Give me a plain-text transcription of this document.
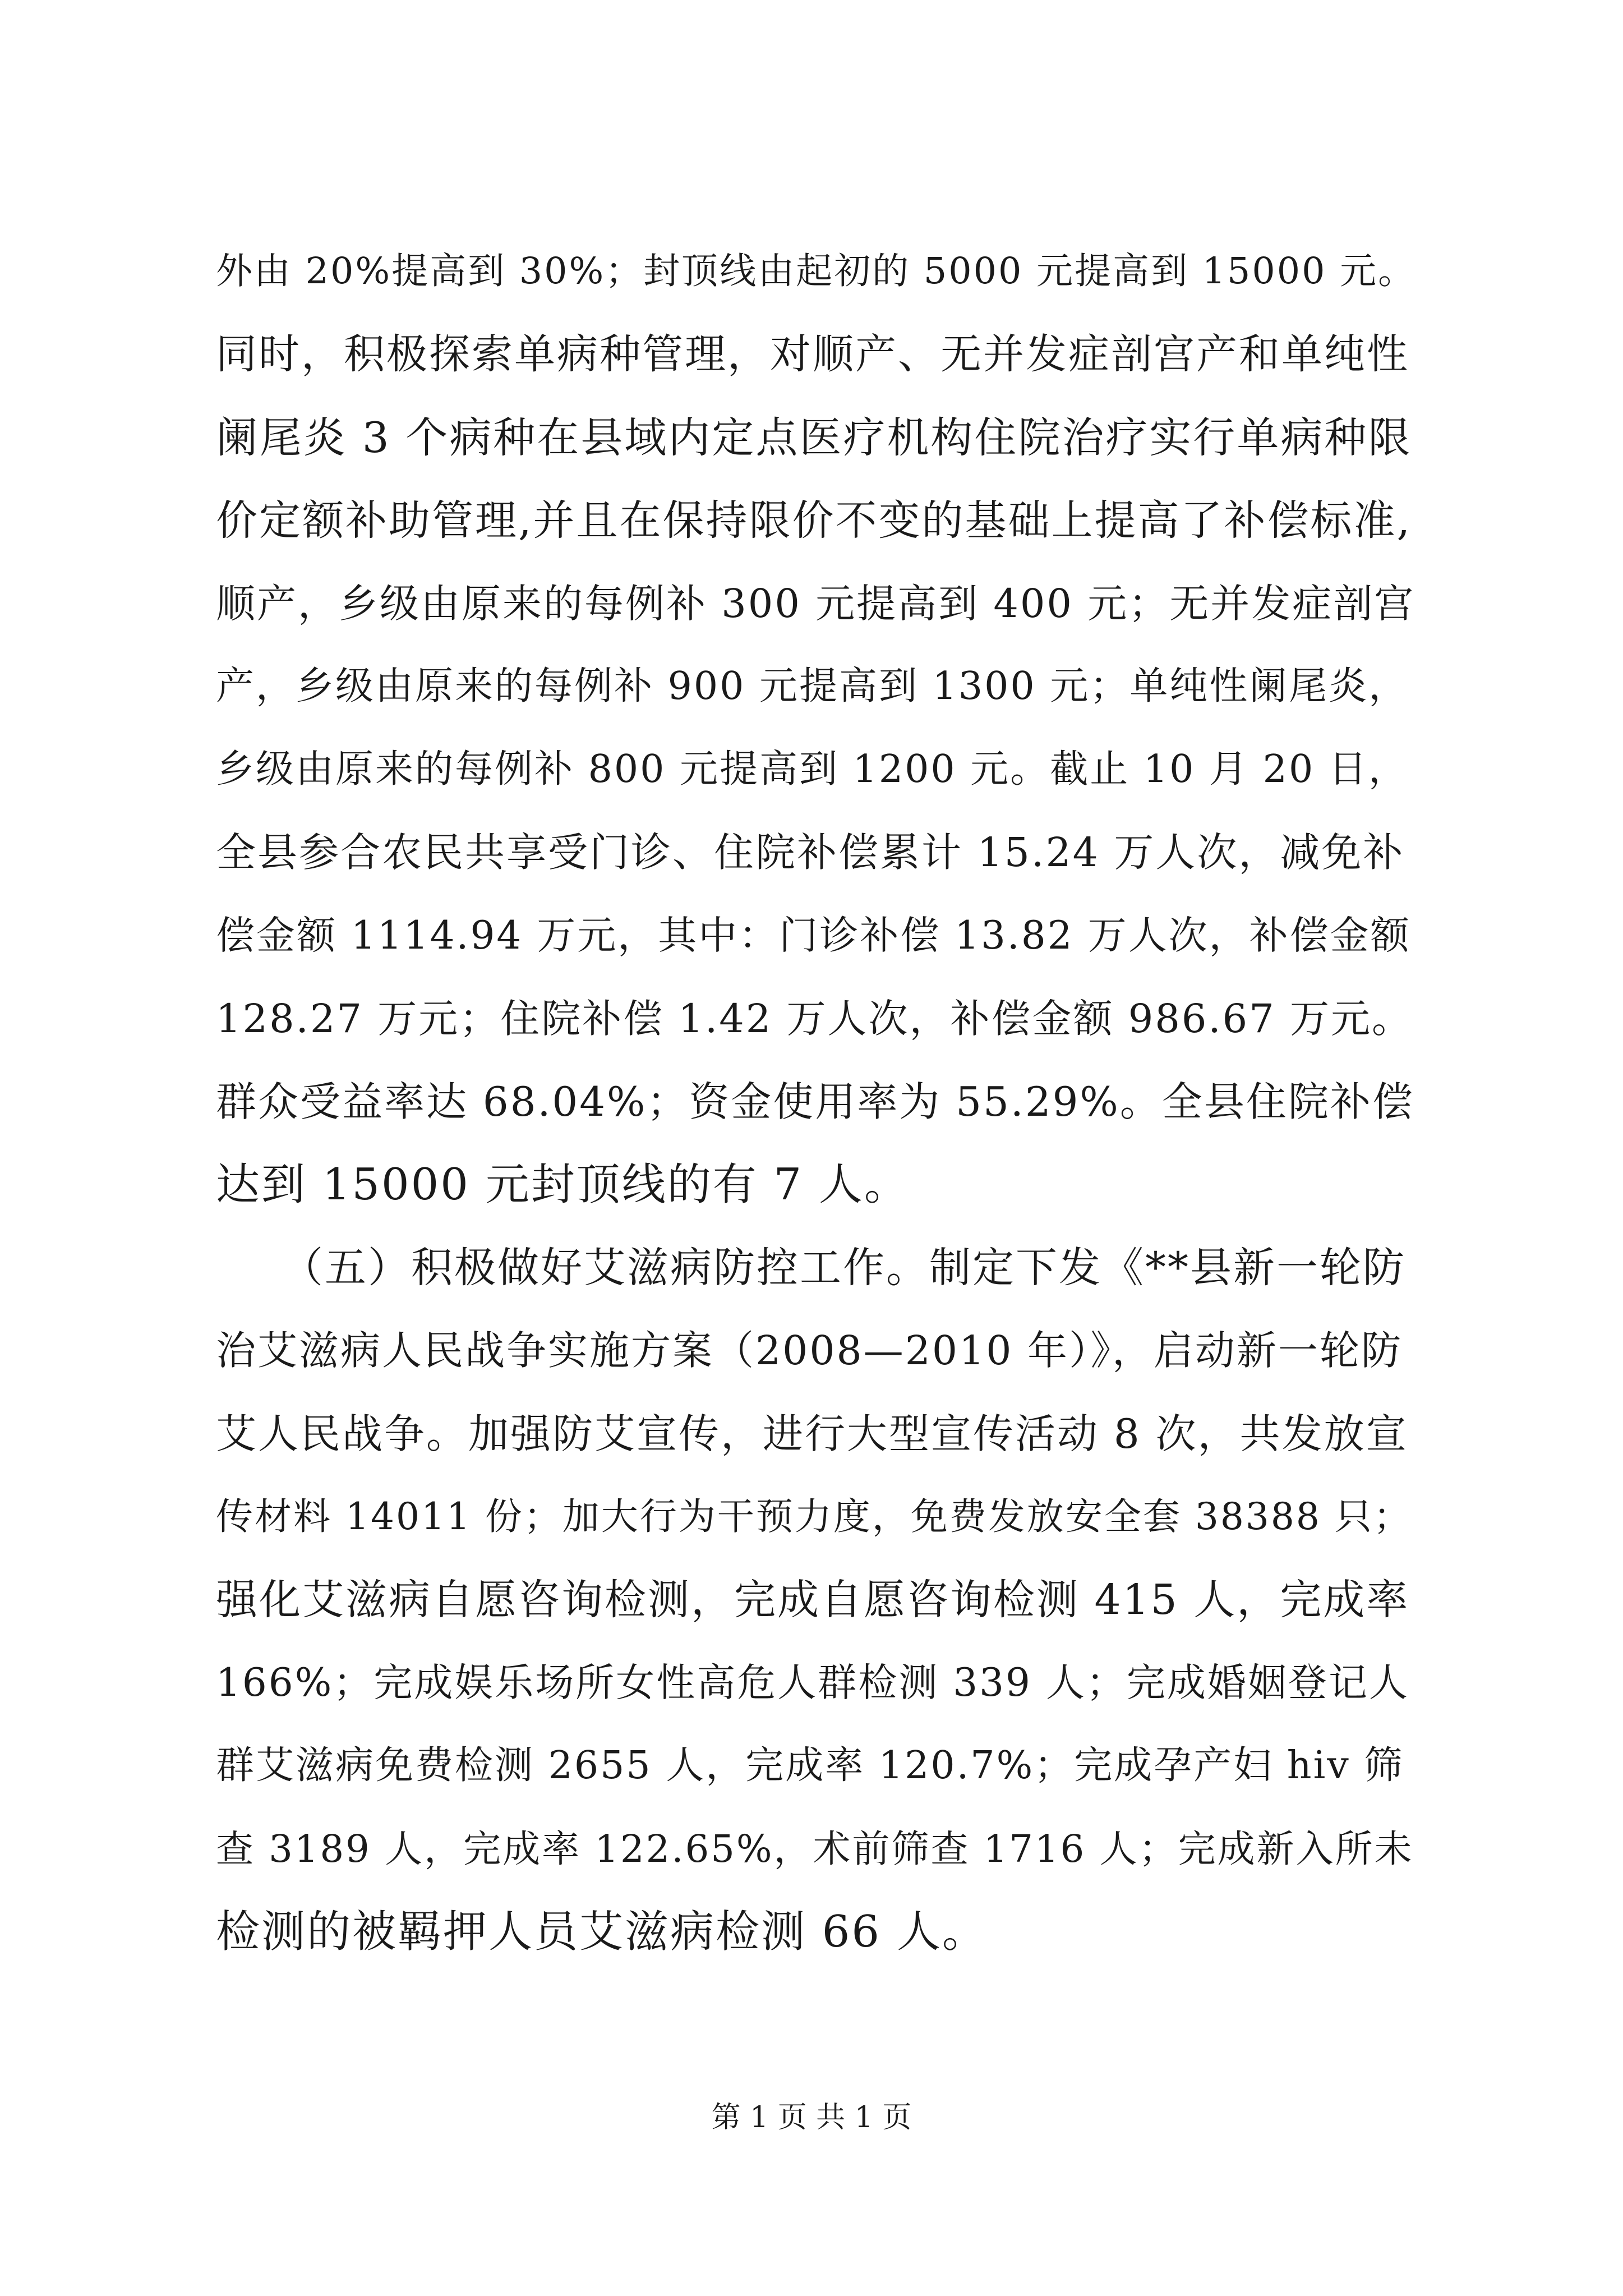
外由 20%提高到 30%；封顶线由起初的 5000 元提高到 15000 元。
同时，积极探索单病种管理，对顺产、无并发症剖宫产和单纯性
阑尾炎 3 个病种在县域内定点医疗机构住院治疗实行单病种限
价定额补助管理,并且在保持限价不变的基础上提高了补偿标准,
顺产，乡级由原来的每例补 300 元提高到 400 元；无并发症剖宫
产，乡级由原来的每例补 900 元提高到 1300 元；单纯性阑尾炎，
乡级由原来的每例补 800 元提高到 1200 元。截止 10 月 20 日，
全县参合农民共享受门诊、住院补偿累计 15.24 万人次，减免补
偿金额 1114.94 万元，其中：门诊补偿 13.82 万人次，补偿金额
128.27 万元；住院补偿 1.42 万人次，补偿金额 986.67 万元。
群众受益率达 68.04%；资金使用率为 55.29%。全县住院补偿
达到 15000 元封顶线的有 7 人。
　　（五）积极做好艾滋病防控工作。制定下发《**县新一轮防
治艾滋病人民战争实施方案（2008—2010 年）》，启动新一轮防
艾人民战争。加强防艾宣传，进行大型宣传活动 8 次，共发放宣
传材料 14011 份；加大行为干预力度，免费发放安全套 38388 只；
强化艾滋病自愿咨询检测，完成自愿咨询检测 415 人，完成率
166%；完成娱乐场所女性高危人群检测 339 人；完成婚姻登记人
群艾滋病免费检测 2655 人，完成率 120.7%；完成孕产妇 hiv 筛
查 3189 人，完成率 122.65%，术前筛查 1716 人；完成新入所未
检测的被羁押人员艾滋病检测 66 人。
第 1 页 共 1 页
